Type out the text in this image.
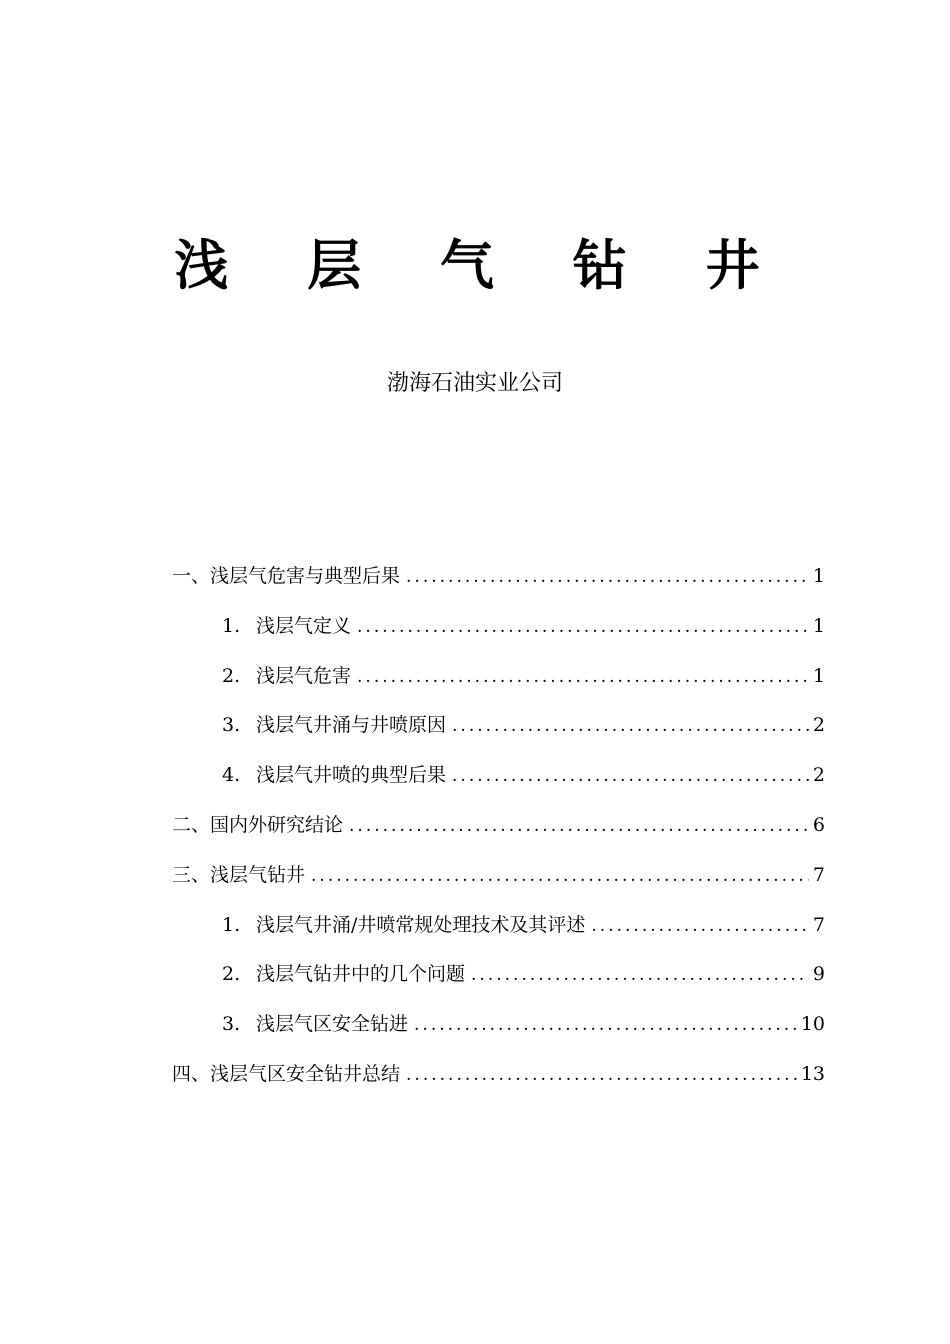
浅 层 气 钻 井
渤海石油实业公司
一、浅层气危害与典型后果 .....	1
1. 浅层气定义 .....	1
2. 浅层气危害 .....	1
3. 浅层气井涌与井喷原因 .....	2
4. 浅层气井喷的典型后果 .....	2
二、国内外研究结论 .....	6
三、浅层气钻井 .....	7
1. 浅层气井涌/井喷常规处理技术及其评述 .....	7
2. 浅层气钻井中的几个问题 .....	9
3. 浅层气区安全钻进 .....	10
四、浅层气区安全钻井总结 .....	13
